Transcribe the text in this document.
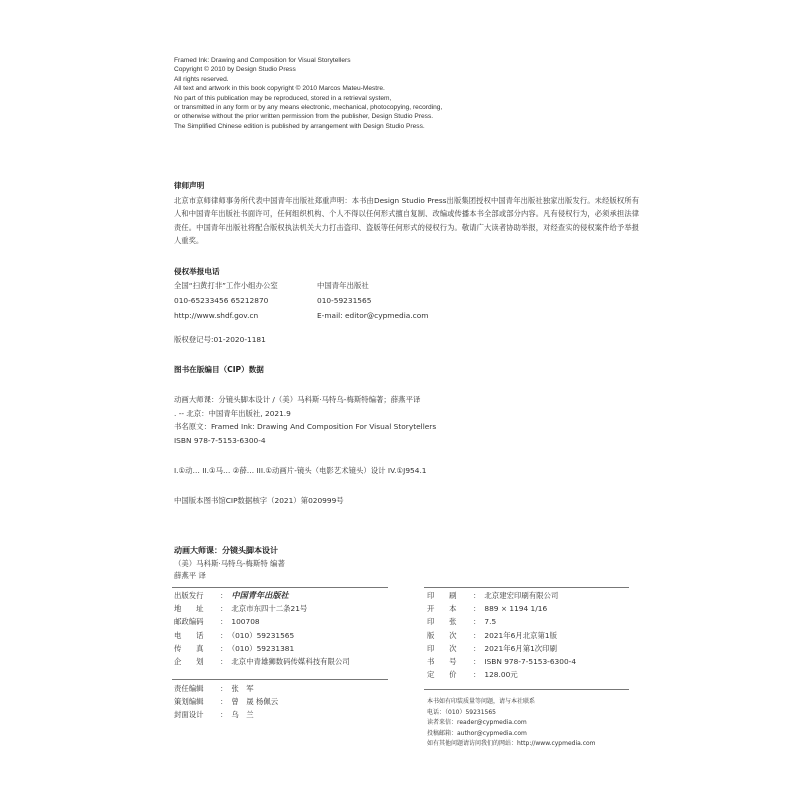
Framed Ink: Drawing and Composition for Visual Storytellers
Copyright © 2010 by Design Studio Press
All rights reserved.
All text and artwork in this book copyright © 2010 Marcos Mateu-Mestre.
No part of this publication may be reproduced, stored in a retrieval system,
or transmitted in any form or by any means electronic, mechanical, photocopying, recording,
or otherwise without the prior written permission from the publisher, Design Studio Press.
The Simplified Chinese edition is published by arrangement with Design Studio Press.
律师声明
北京市京师律师事务所代表中国青年出版社郑重声明：本书由Design Studio Press出版集团授权中国青年出版社独家出版发行。未经版权所有人和中国青年出版社书面许可，任何组织机构、个人不得以任何形式擅自复制、改编或传播本书全部或部分内容。凡有侵权行为，必须承担法律责任。中国青年出版社将配合版权执法机关大力打击盗印、盗版等任何形式的侵权行为。敬请广大读者协助举报，对经查实的侵权案件给予举报人重奖。
侵权举报电话
全国“扫黄打非”工作小组办公室
010-65233456 65212870
http://www.shdf.gov.cn
中国青年出版社
010-59231565
E-mail: editor@cypmedia.com
版权登记号:01-2020-1181
图书在版编目（CIP）数据
动画大师课：分镜头脚本设计 /（美）马科斯·马特乌-梅斯特编著；薛燕平译
. -- 北京：中国青年出版社, 2021.9
书名原文：Framed Ink: Drawing And Composition For Visual Storytellers
ISBN 978-7-5153-6300-4
I.①动… II.①马… ②薛… III.①动画片-镜头（电影艺术镜头）设计 IV.①J954.1
中国版本图书馆CIP数据核字（2021）第020999号
动画大师课：分镜头脚本设计
（美）马科斯·马特乌-梅斯特 编著
薛燕平 译
出版发行 ： 中国青年出版社
地　　址 ： 北京市东四十二条21号
邮政编码 ： 100708
电　　话 ： （010）59231565
传　　真 ： （010）59231381
企　　划 ： 北京中青雄狮数码传媒科技有限公司
责任编辑 ： 张　军
策划编辑 ： 曾　晟 杨佩云
封面设计 ： 乌　兰
印　　刷 ： 北京建宏印刷有限公司
开　　本 ： 889 × 1194 1/16
印　　张 ： 7.5
版　　次 ： 2021年6月北京第1版
印　　次 ： 2021年6月第1次印刷
书　　号 ： ISBN 978-7-5153-6300-4
定　　价 ： 128.00元
本书如有印装质量等问题，请与本社联系
电话：（010）59231565
读者来信：reader@cypmedia.com
投稿邮箱：author@cypmedia.com
如有其他问题请访问我们的网站：http://www.cypmedia.com
